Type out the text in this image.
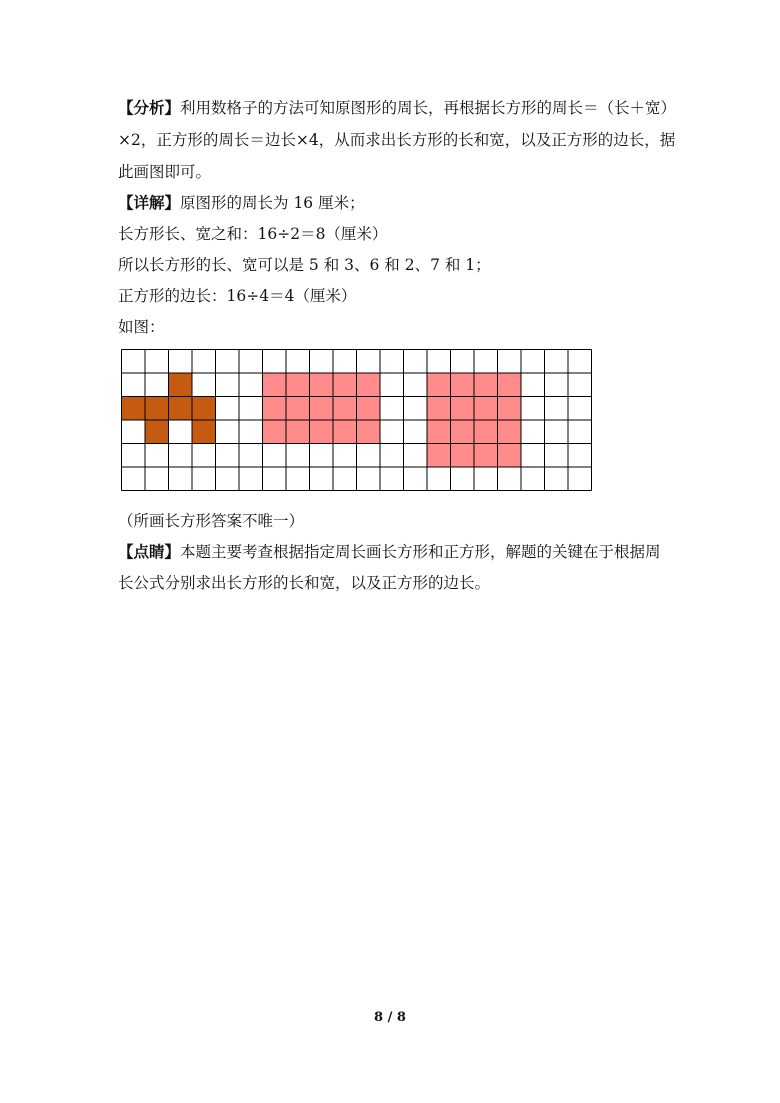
【分析】利用数格子的方法可知原图形的周长，再根据长方形的周长＝（长＋宽）
×2，正方形的周长＝边长×4，从而求出长方形的长和宽，以及正方形的边长，据
此画图即可。
【详解】原图形的周长为 16 厘米；
长方形长、宽之和：16÷2＝8（厘米）
所以长方形的长、宽可以是 5 和 3、6 和 2、7 和 1；
正方形的边长：16÷4＝4（厘米）
如图：
（所画长方形答案不唯一）
【点睛】本题主要考查根据指定周长画长方形和正方形，解题的关键在于根据周
长公式分别求出长方形的长和宽，以及正方形的边长。
8 / 8
